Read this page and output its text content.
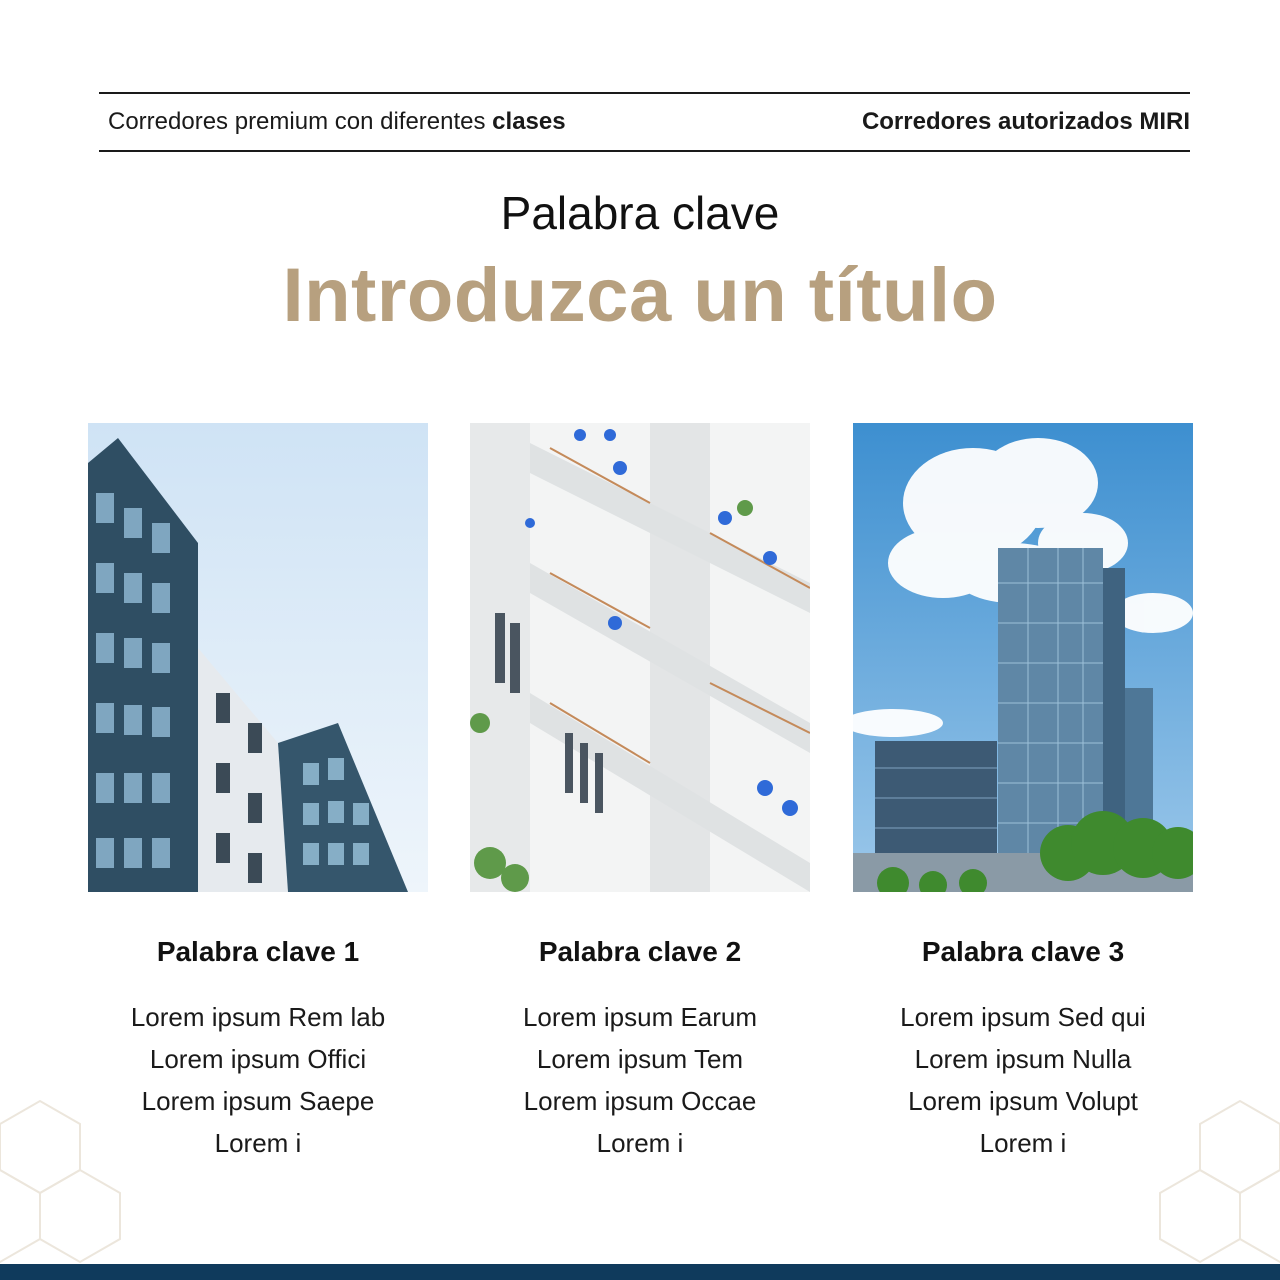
Corredores premium con diferentes clases	Corredores autorizados MIRI
Palabra clave
Introduzca un título
Palabra clave 1
Lorem ipsum Rem lab
Lorem ipsum Offici
Lorem ipsum Saepe
Lorem i
Palabra clave 2
Lorem ipsum Earum
Lorem ipsum Tem
Lorem ipsum Occae
Lorem i
Palabra clave 3
Lorem ipsum Sed qui
Lorem ipsum Nulla
Lorem ipsum Volupt
Lorem i
